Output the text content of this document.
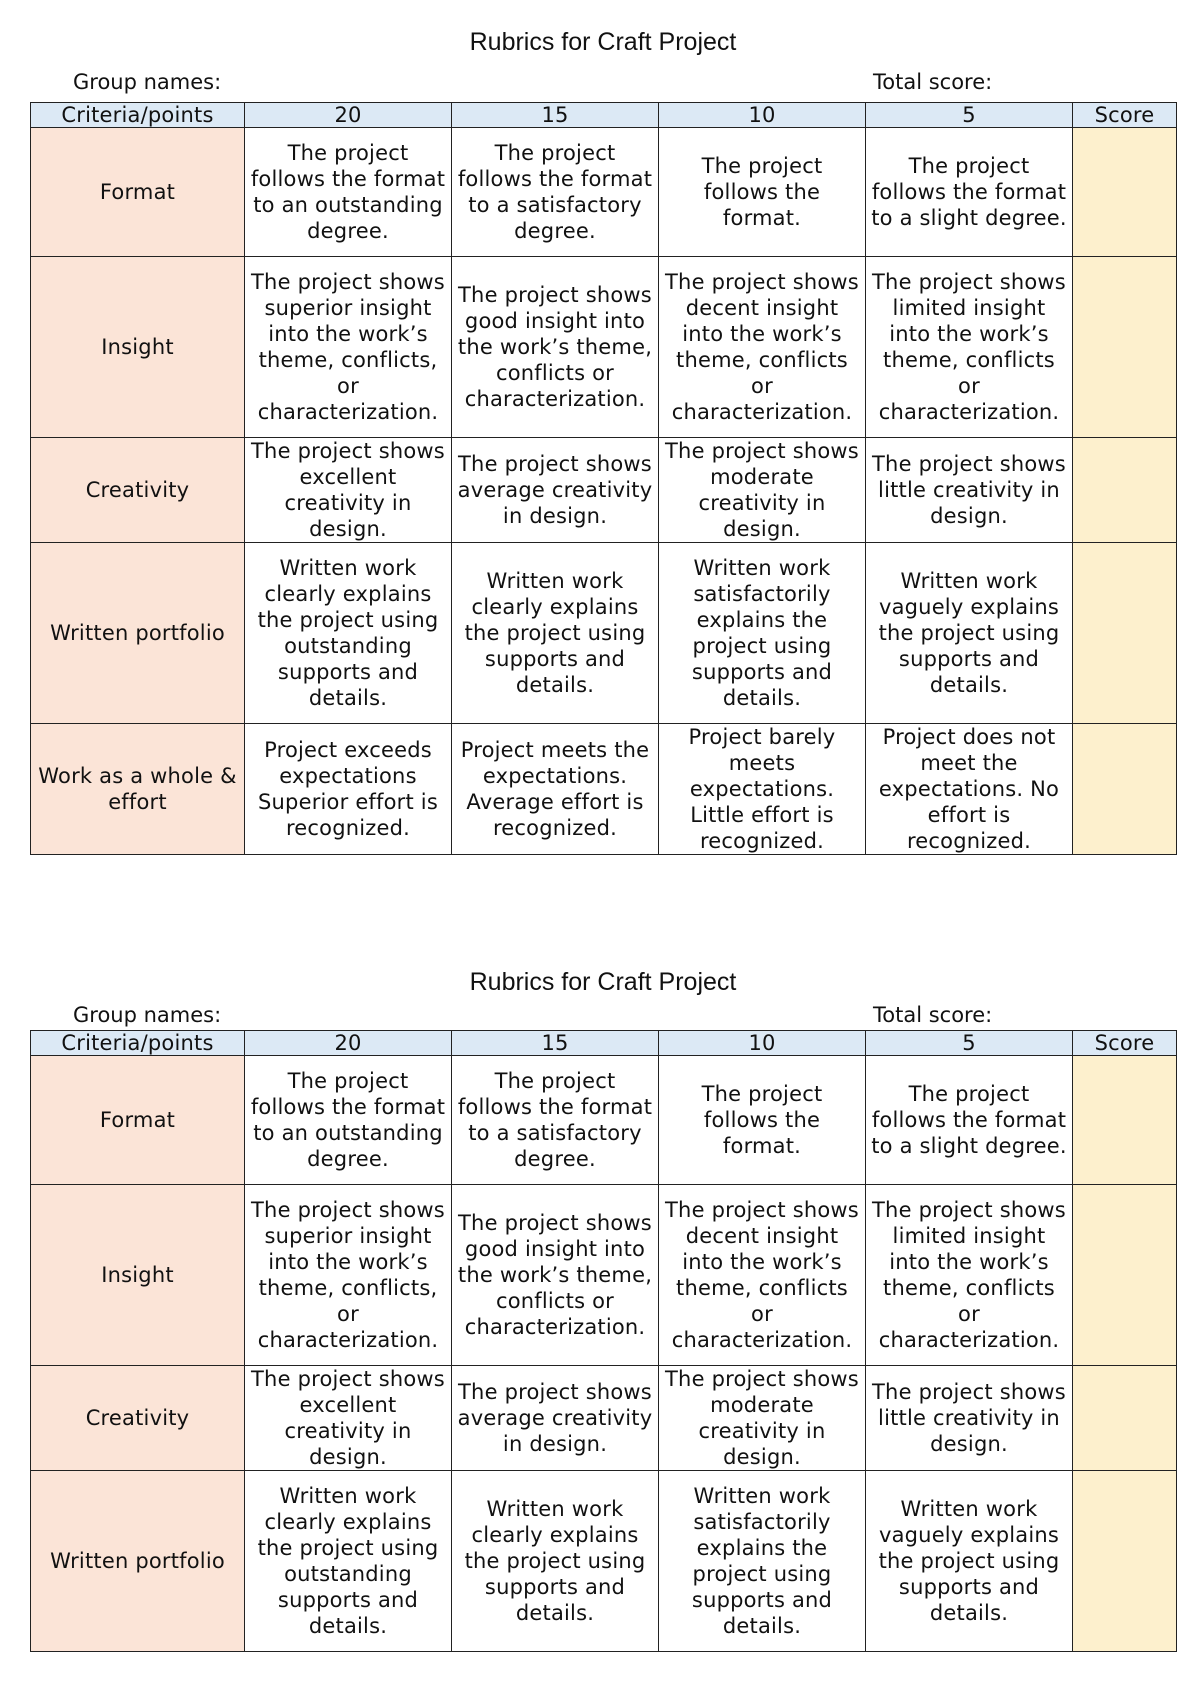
Rubrics for Craft Project
Group names:	Total score:
Criteria/points	20	15	10	5	Score
Format	The project follows the format to an outstanding degree.	The project follows the format to a satisfactory degree.	The project follows the format.	The project follows the format to a slight degree.	
Insight	The project shows superior insight into the work’s theme, conflicts, or characterization.	The project shows good insight into the work’s theme, conflicts or characterization.	The project shows decent insight into the work’s theme, conflicts or characterization.	The project shows limited insight into the work’s theme, conflicts or characterization.	
Creativity	The project shows excellent creativity in design.	The project shows average creativity in design.	The project shows moderate creativity in design.	The project shows little creativity in design.	
Written portfolio	Written work clearly explains the project using outstanding supports and details.	Written work clearly explains the project using supports and details.	Written work satisfactorily explains the project using supports and details.	Written work vaguely explains the project using supports and details.	
Work as a whole & effort	Project exceeds expectations Superior effort is recognized.	Project meets the expectations. Average effort is recognized.	Project barely meets expectations. Little effort is recognized.	Project does not meet the expectations. No effort is recognized.	
Rubrics for Craft Project
Group names:	Total score:
Criteria/points	20	15	10	5	Score
Format	The project follows the format to an outstanding degree.	The project follows the format to a satisfactory degree.	The project follows the format.	The project follows the format to a slight degree.	
Insight	The project shows superior insight into the work’s theme, conflicts, or characterization.	The project shows good insight into the work’s theme, conflicts or characterization.	The project shows decent insight into the work’s theme, conflicts or characterization.	The project shows limited insight into the work’s theme, conflicts or characterization.	
Creativity	The project shows excellent creativity in design.	The project shows average creativity in design.	The project shows moderate creativity in design.	The project shows little creativity in design.	
Written portfolio	Written work clearly explains the project using outstanding supports and details.	Written work clearly explains the project using supports and details.	Written work satisfactorily explains the project using supports and details.	Written work vaguely explains the project using supports and details.	
